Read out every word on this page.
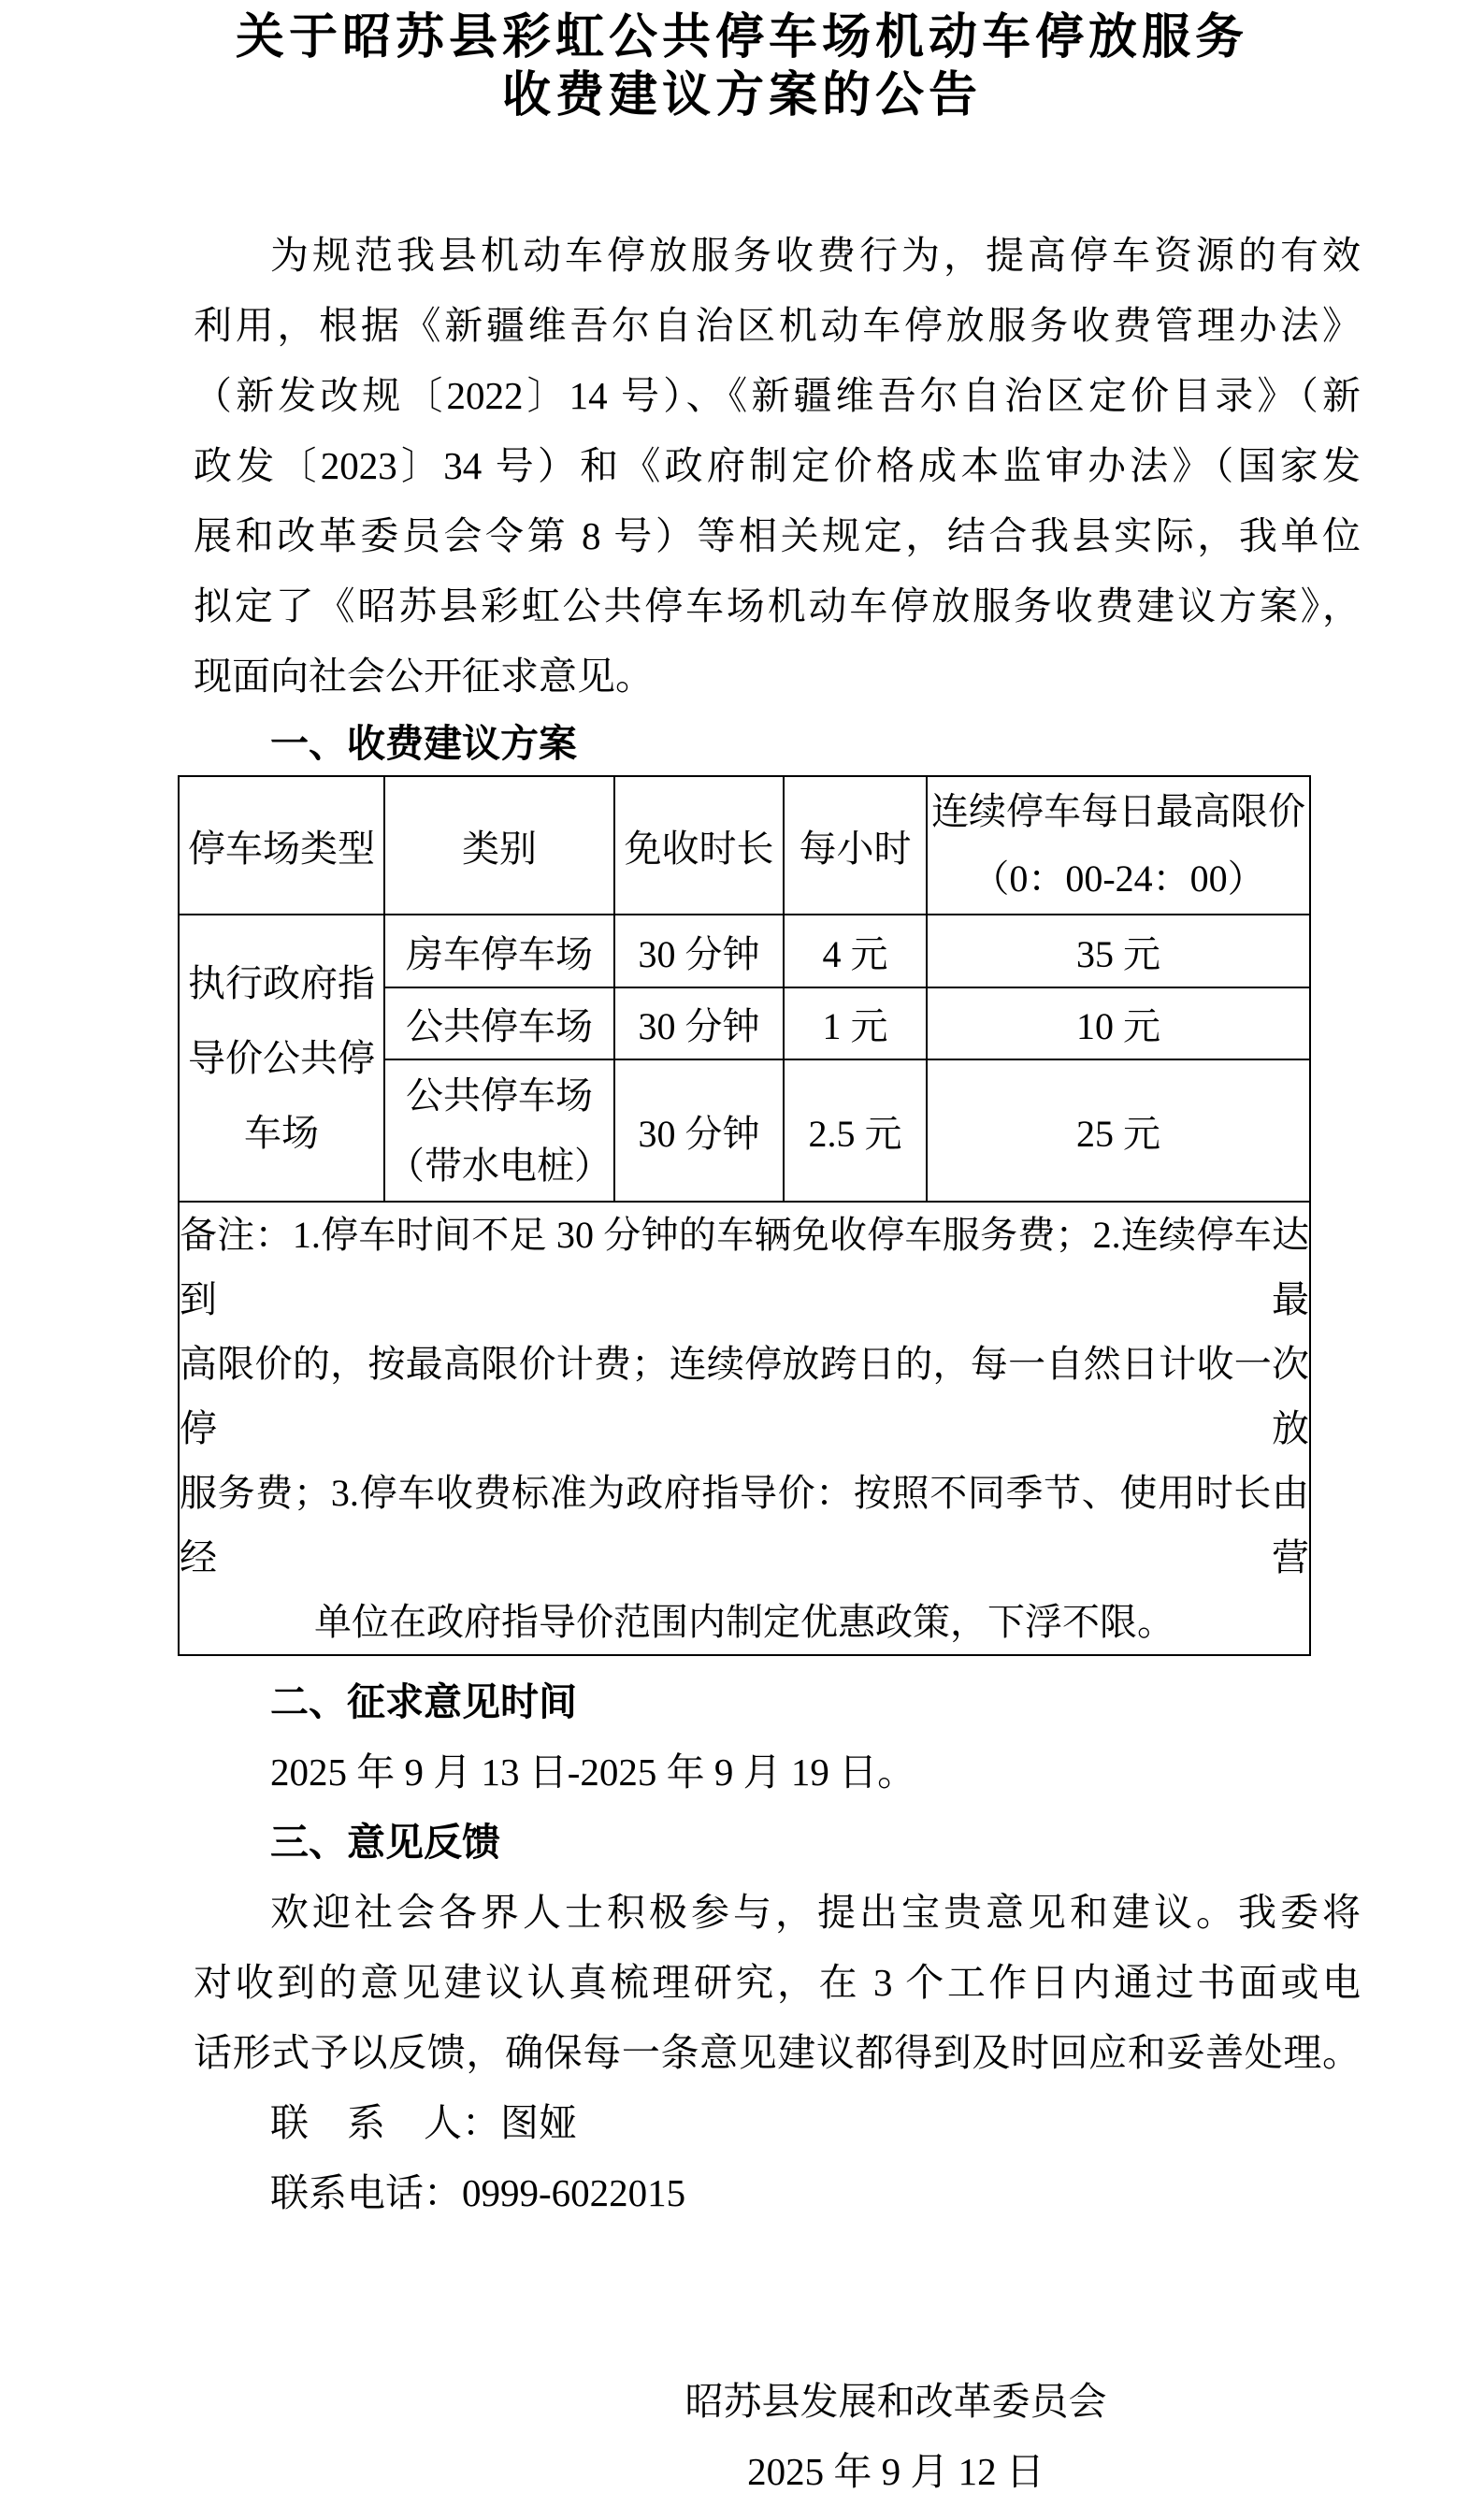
关于昭苏县彩虹公共停车场机动车停放服务
收费建议方案的公告
为规范我县机动车停放服务收费行为，提高停车资源的有效
利用，根据《新疆维吾尔自治区机动车停放服务收费管理办法》
（新发改规〔2022〕14 号）、《新疆维吾尔自治区定价目录》（新
政发〔2023〕34 号）和《政府制定价格成本监审办法》（国家发
展和改革委员会令第 8 号）等相关规定，结合我县实际，我单位
拟定了《昭苏县彩虹公共停车场机动车停放服务收费建议方案》，
现面向社会公开征求意见。
一、收费建议方案
停车场类型	类别	免收时长	每小时	连续停车每日最高限价
（0：00-24：00）

执行政府指
导价公共停
车场	房车停车场	30 分钟	4 元	35 元
	公共停车场	30 分钟	1 元	10 元

	公共停车场
（带水电桩）	30 分钟	2.5 元	25 元

备注：1.停车时间不足 30 分钟的车辆免收停车服务费；2.连续停车达到最
高限价的，按最高限价计费；连续停放跨日的，每一自然日计收一次停放
服务费；3.停车收费标准为政府指导价：按照不同季节、使用时长由经营
单位在政府指导价范围内制定优惠政策，下浮不限。				
二、征求意见时间
2025 年 9 月 13 日-2025 年 9 月 19 日。
三、意见反馈
欢迎社会各界人士积极参与，提出宝贵意见和建议。我委将
对收到的意见建议认真梳理研究，在 3 个工作日内通过书面或电
话形式予以反馈，确保每一条意见建议都得到及时回应和妥善处理。
联　系　人：图娅
联系电话：0999-6022015
昭苏县发展和改革委员会
2025 年 9 月 12 日
